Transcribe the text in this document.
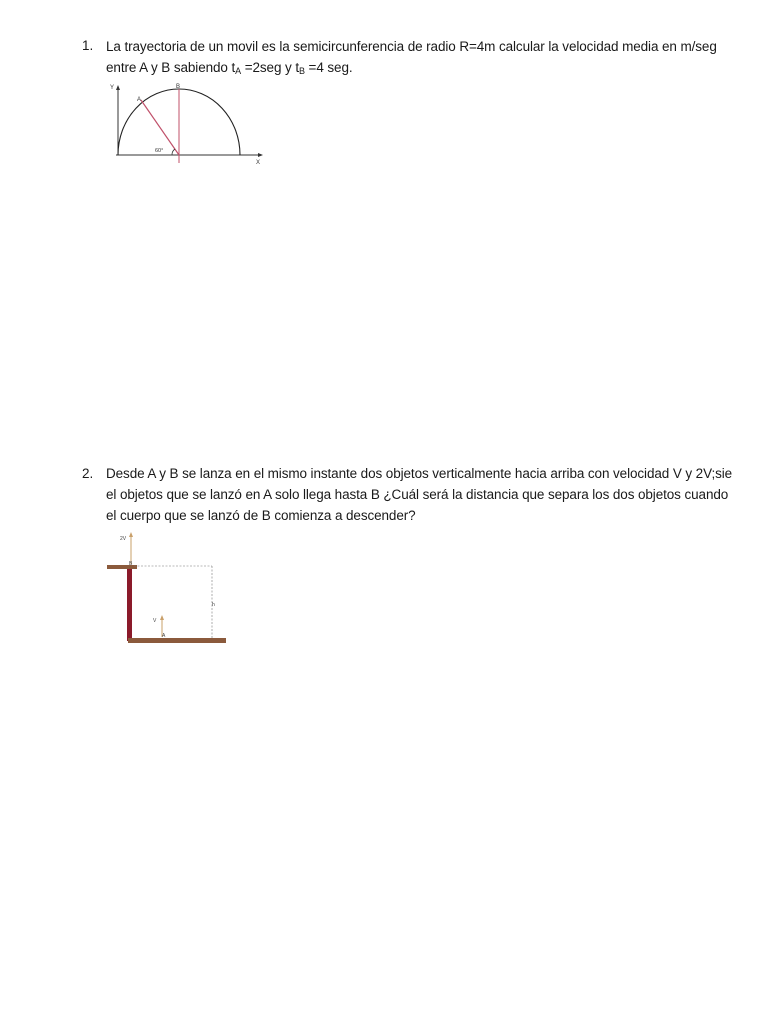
1. La trayectoria de un movil es la semicircunferencia de radio R=4m calcular la velocidad media en m/seg
entre A y B sabiendo $t_A =2seg$ y $t_B =4$ seg.
Y
X
A
B
60°
2. Desde A y B se lanza en el mismo instante dos objetos verticalmente hacia arriba con velocidad V y 2V;sie
el objetos que se lanzó en A solo llega hasta B ¿Cuál será la distancia que separa los dos objetos cuando
el cuerpo que se lanzó de B comienza a descender?
2V
V
B
A
h
